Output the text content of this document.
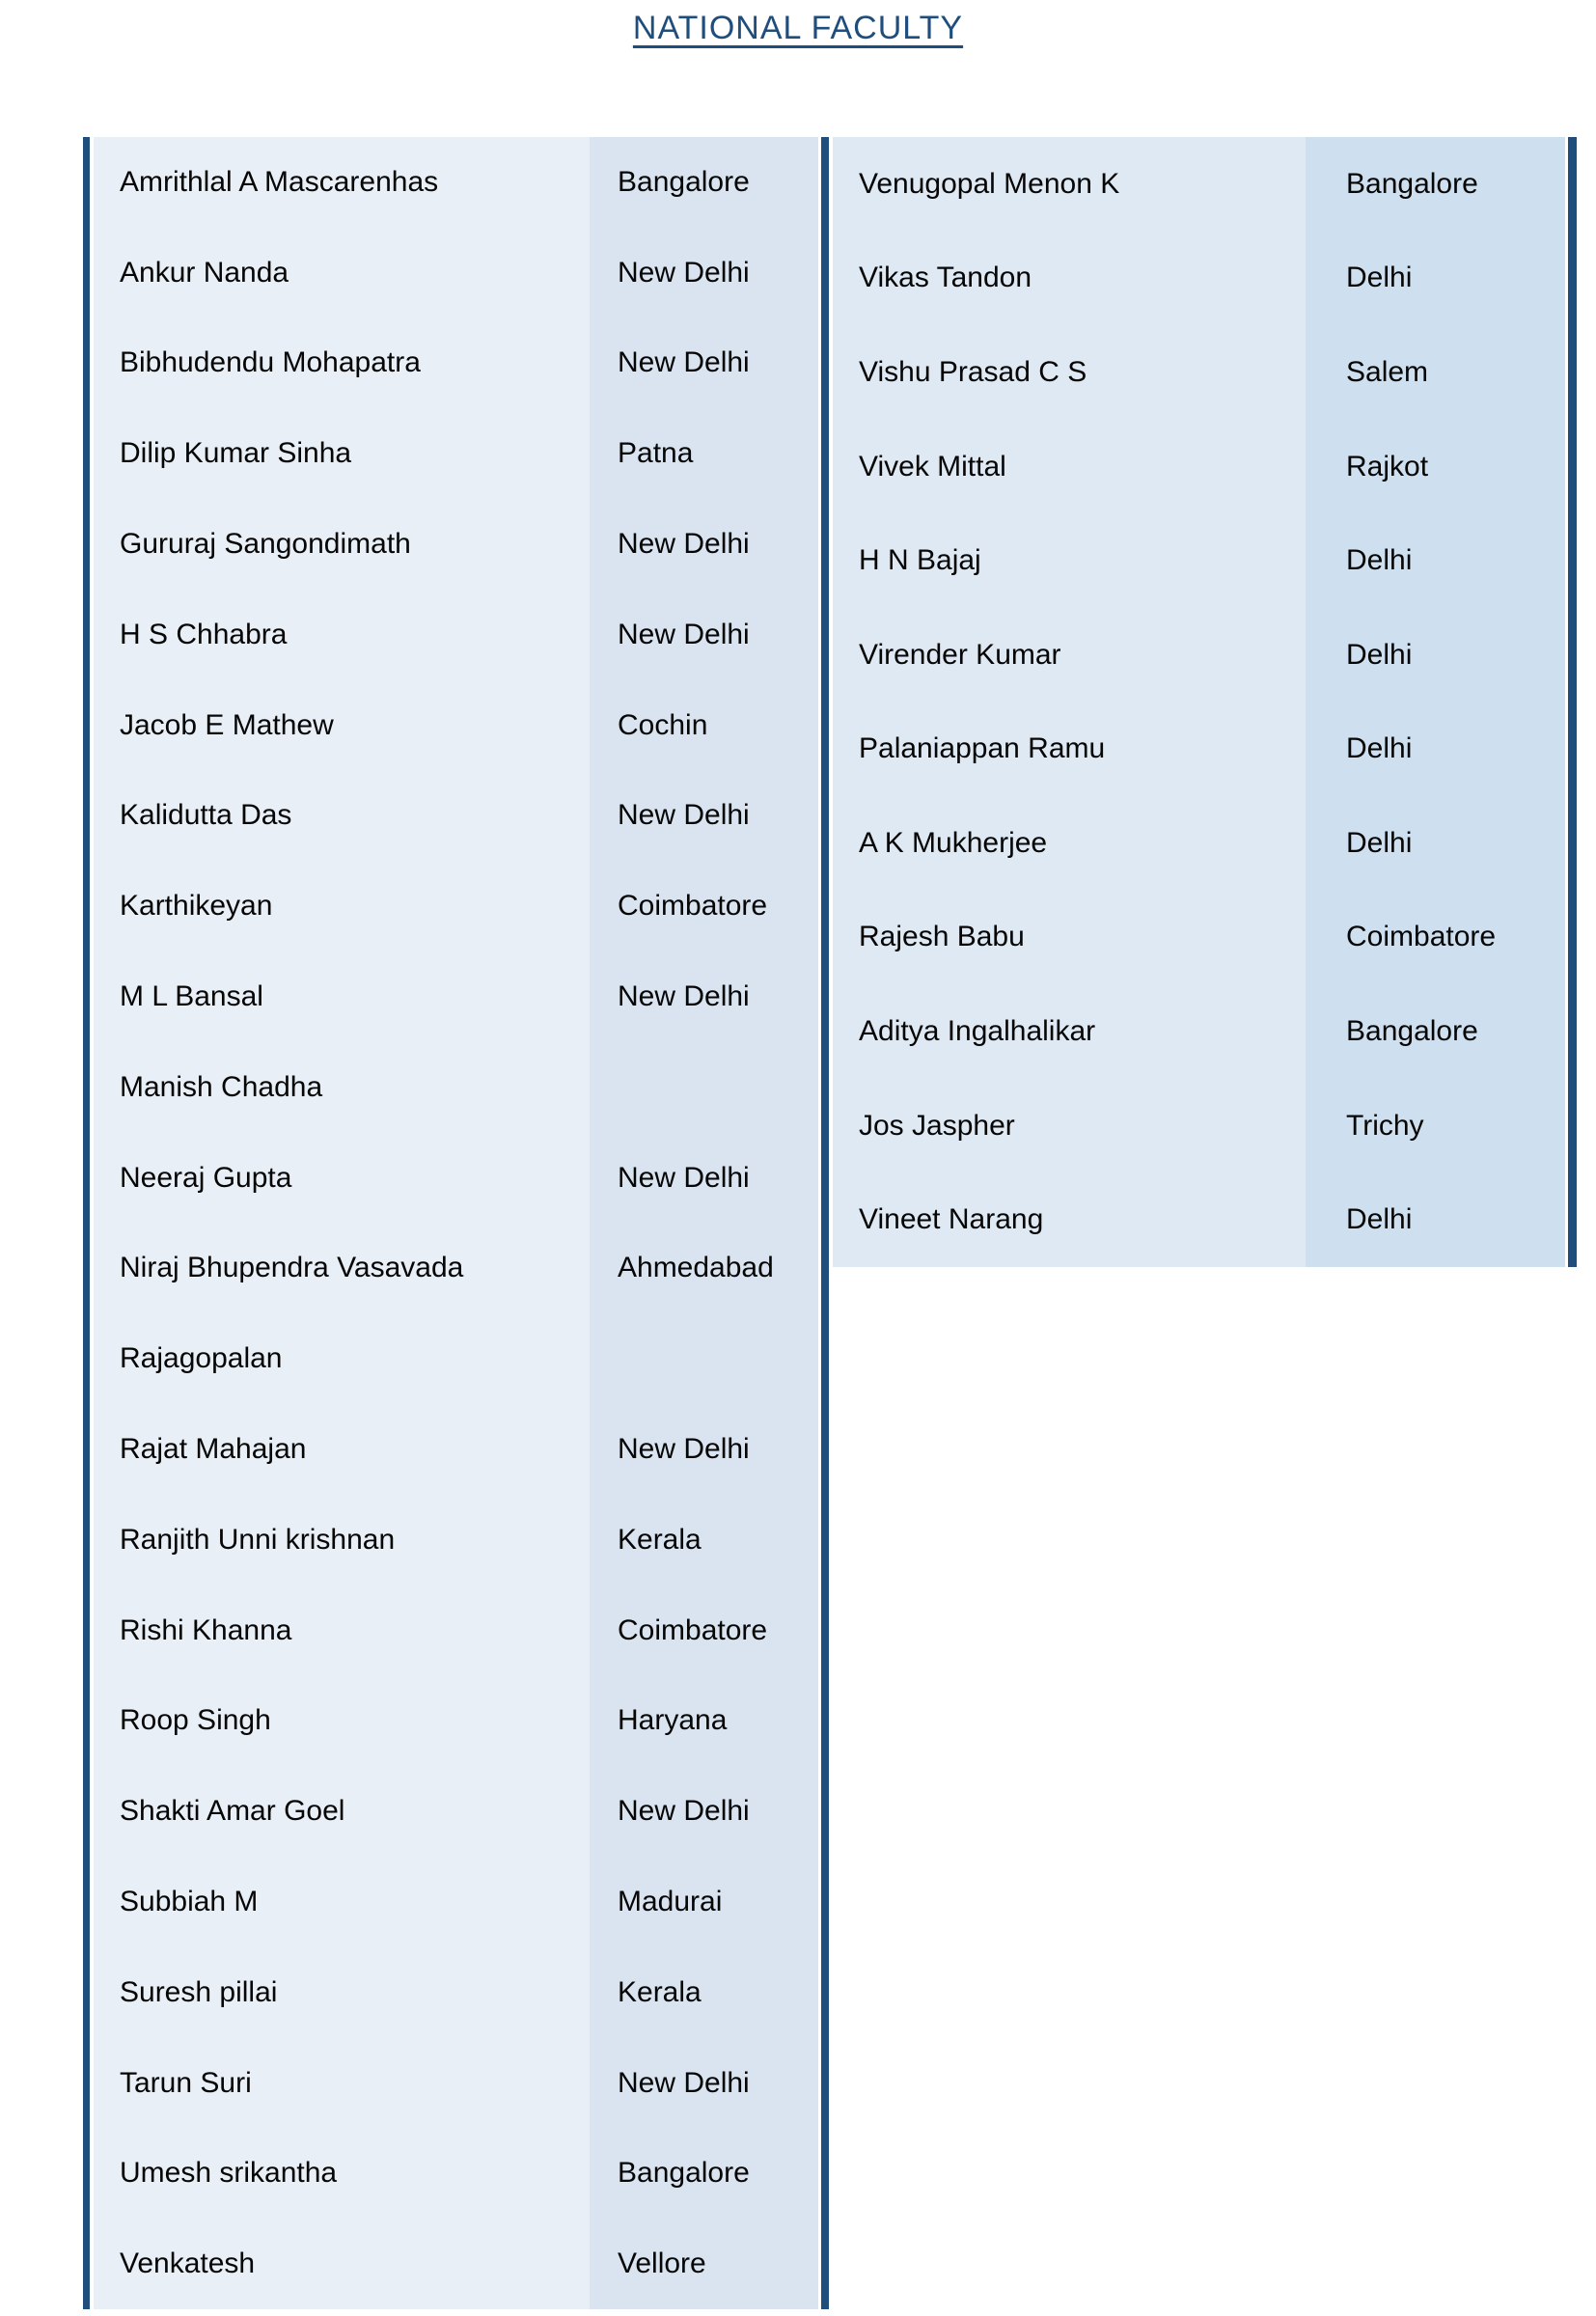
NATIONAL FACULTY
Amrithlal A Mascarenhas	Bangalore
Ankur Nanda	New Delhi
Bibhudendu Mohapatra	New Delhi
Dilip Kumar Sinha	Patna
Gururaj Sangondimath	New Delhi
H S Chhabra	New Delhi
Jacob E Mathew	Cochin
Kalidutta Das	New Delhi
Karthikeyan	Coimbatore
M L Bansal	New Delhi
Manish Chadha
Neeraj Gupta	New Delhi
Niraj Bhupendra Vasavada	Ahmedabad
Rajagopalan
Rajat Mahajan	New Delhi
Ranjith Unni krishnan	Kerala
Rishi Khanna	Coimbatore
Roop Singh	Haryana
Shakti Amar Goel	New Delhi
Subbiah M	Madurai
Suresh pillai	Kerala
Tarun Suri	New Delhi
Umesh srikantha	Bangalore
Venkatesh	Vellore
Venugopal Menon K	Bangalore
Vikas Tandon	Delhi
Vishu Prasad C S	Salem
Vivek Mittal	Rajkot
H N Bajaj	Delhi
Virender Kumar	Delhi
Palaniappan Ramu	Delhi
A K Mukherjee	Delhi
Rajesh Babu	Coimbatore
Aditya Ingalhalikar	Bangalore
Jos Jaspher	Trichy
Vineet Narang	Delhi
